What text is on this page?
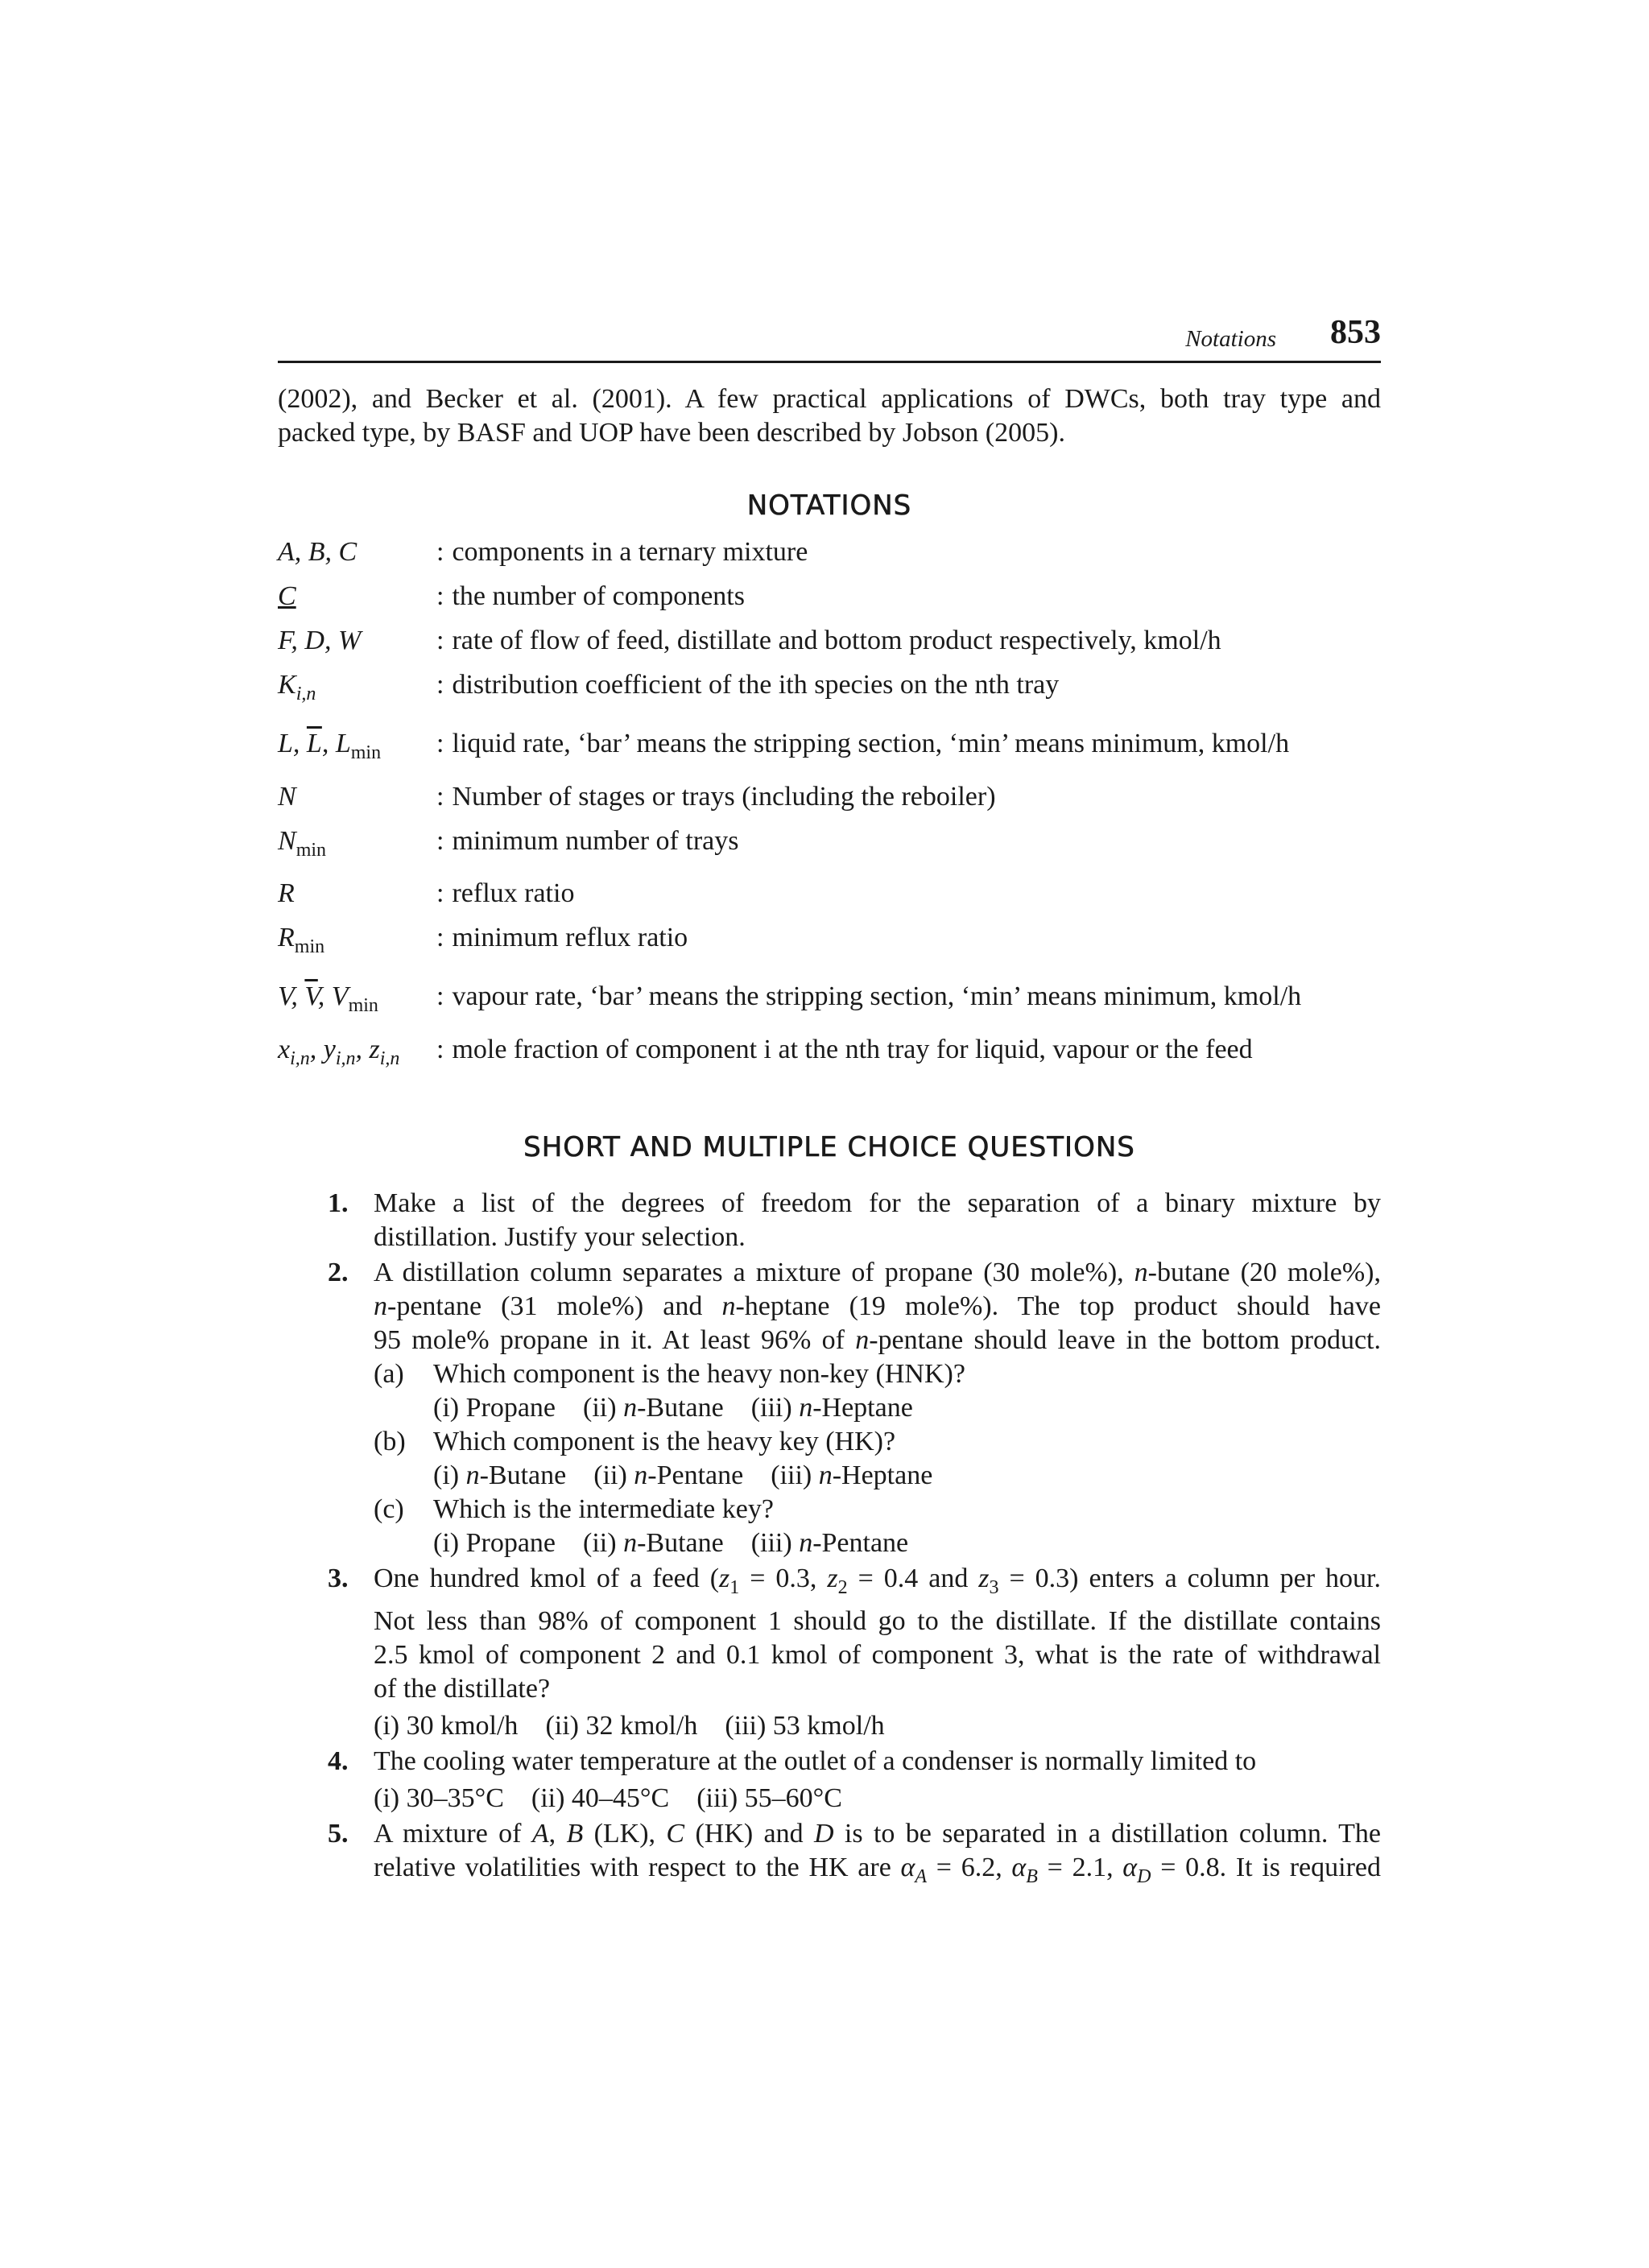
Notations 853
(2002), and Becker et al. (2001). A few practical applications of DWCs, both tray type and
packed type, by BASF and UOP have been described by Jobson (2005).
NOTATIONS
A, B, C	: components in a ternary mixture
C	: the number of components
F, D, W	: rate of flow of feed, distillate and bottom product respectively, kmol/h
$K_{i,n}$	: distribution coefficient of the ith species on the nth tray
L, $\overline{L}$, $L_{min}$	: liquid rate, ‘bar’ means the stripping section, ‘min’ means minimum, kmol/h
N	: Number of stages or trays (including the reboiler)
$N_{min}$	: minimum number of trays
R	: reflux ratio
$R_{min}$	: minimum reflux ratio
V, $\overline{V}$, $V_{min}$	: vapour rate, ‘bar’ means the stripping section, ‘min’ means minimum, kmol/h
$x_{i,n}$, $y_{i,n}$, $z_{i,n}$	: mole fraction of component i at the nth tray for liquid, vapour or the feed
SHORT AND MULTIPLE CHOICE QUESTIONS
1. Make a list of the degrees of freedom for the separation of a binary mixture by
distillation. Justify your selection.
2. A distillation column separates a mixture of propane (30 mole%), n-butane (20 mole%),
n-pentane (31 mole%) and n-heptane (19 mole%). The top product should have
95 mole% propane in it. At least 96% of n-pentane should leave in the bottom product.
(a) Which component is the heavy non-key (HNK)?
(i) Propane (ii) n-Butane (iii) n-Heptane
(b) Which component is the heavy key (HK)?
(i) n-Butane (ii) n-Pentane (iii) n-Heptane
(c) Which is the intermediate key?
(i) Propane (ii) n-Butane (iii) n-Pentane
3. One hundred kmol of a feed ($z_1 = 0.3$, $z_2 = 0.4$ and $z_3 = 0.3$) enters a column per hour.
Not less than 98% of component 1 should go to the distillate. If the distillate contains
2.5 kmol of component 2 and 0.1 kmol of component 3, what is the rate of withdrawal
of the distillate?
(i) 30 kmol/h (ii) 32 kmol/h (iii) 53 kmol/h
4. The cooling water temperature at the outlet of a condenser is normally limited to
(i) 30–35°C (ii) 40–45°C (iii) 55–60°C
5. A mixture of A, B (LK), C (HK) and D is to be separated in a distillation column. The
relative volatilities with respect to the HK are $\alpha_A = 6.2$, $\alpha_B = 2.1$, $\alpha_D = 0.8$. It is required
